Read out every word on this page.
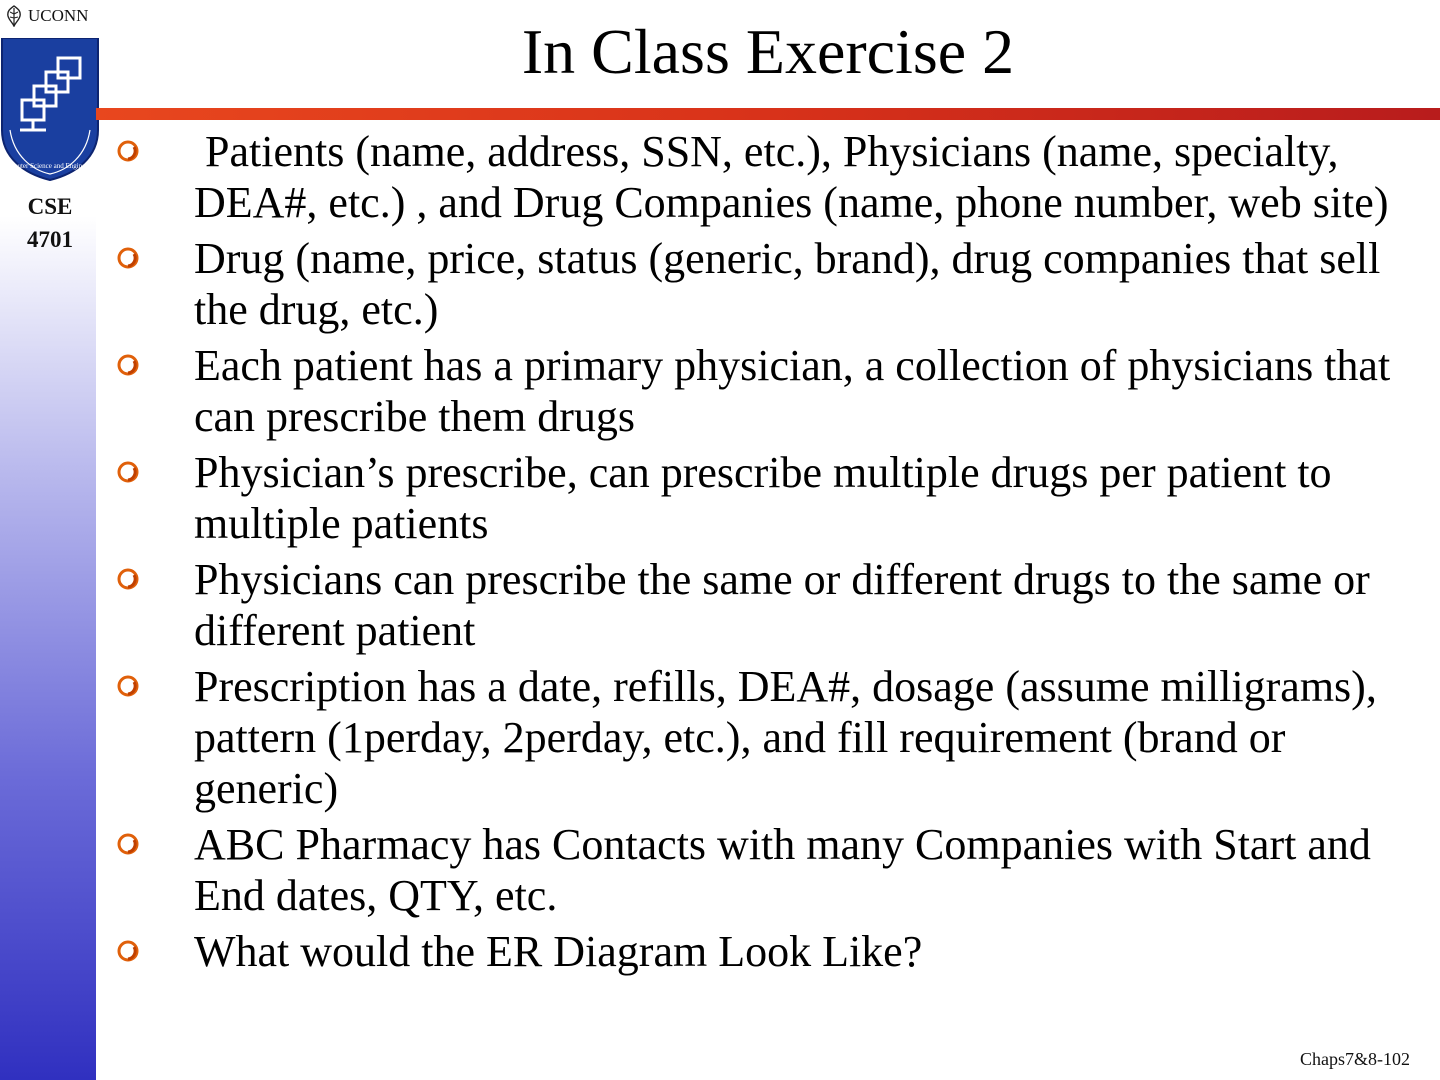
UCONN
Computer Science and Engineering
CSE
4701
In Class Exercise 2
Patients (name, address, SSN, etc.), Physicians (name, specialty, DEA#, etc.) , and Drug Companies (name, phone number, web site)
Drug (name, price, status (generic, brand), drug companies that sell the drug, etc.)
Each patient has a primary physician, a collection of physicians that can prescribe them drugs
Physician’s prescribe, can prescribe multiple drugs per patient to multiple patients
Physicians can prescribe the same or different drugs to the same or different patient
Prescription has a date, refills, DEA#, dosage (assume milligrams), pattern (1perday, 2perday, etc.), and fill requirement (brand or generic)
ABC Pharmacy has Contacts with many Companies with Start and End dates, QTY, etc.
What would the ER Diagram Look Like?
Chaps7&8-102
